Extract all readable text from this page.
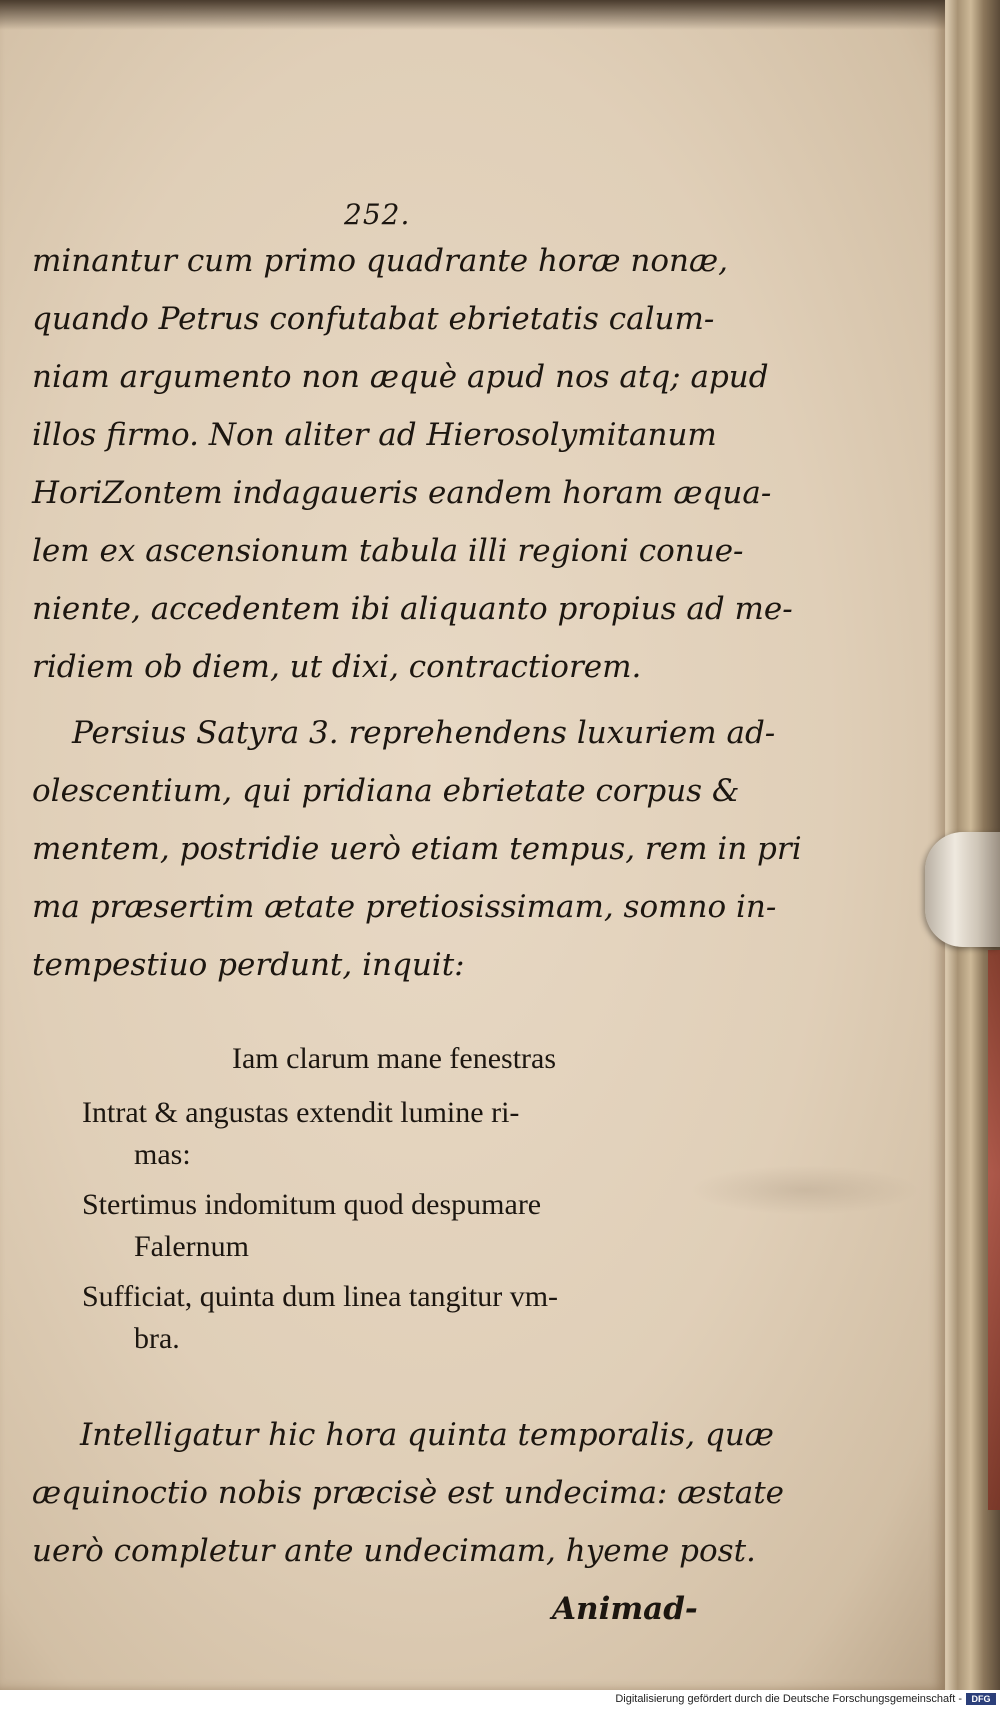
252.
minantur cum primo quadrante horæ nonæ,
quando Petrus confutabat ebrietatis calum-
niam argumento non æquè apud nos atq; apud
illos firmo. Non aliter ad Hierosolymitanum
HoriZontem indagaueris eandem horam æqua-
lem ex ascensionum tabula illi regioni conue-
niente, accedentem ibi aliquanto propius ad me-
ridiem ob diem, ut dixi, contractiorem.
Persius Satyra 3. reprehendens luxuriem ad-
olescentium, qui pridiana ebrietate corpus &
mentem, postridie uerò etiam tempus, rem in pri
ma præsertim ætate pretiosissimam, somno in-
tempestiuo perdunt, inquit:
Iam clarum mane fenestras
Intrat & angustas extendit lumine ri-
mas:
Stertimus indomitum quod despumare
Falernum
Sufficiat, quinta dum linea tangitur vm-
bra.
Intelligatur hic hora quinta temporalis, quæ
æquinoctio nobis præcisè est undecima: æstate
uerò completur ante undecimam, hyeme post.
Animad-
Digitalisierung gefördert durch die Deutsche Forschungsgemeinschaft -	DFG
